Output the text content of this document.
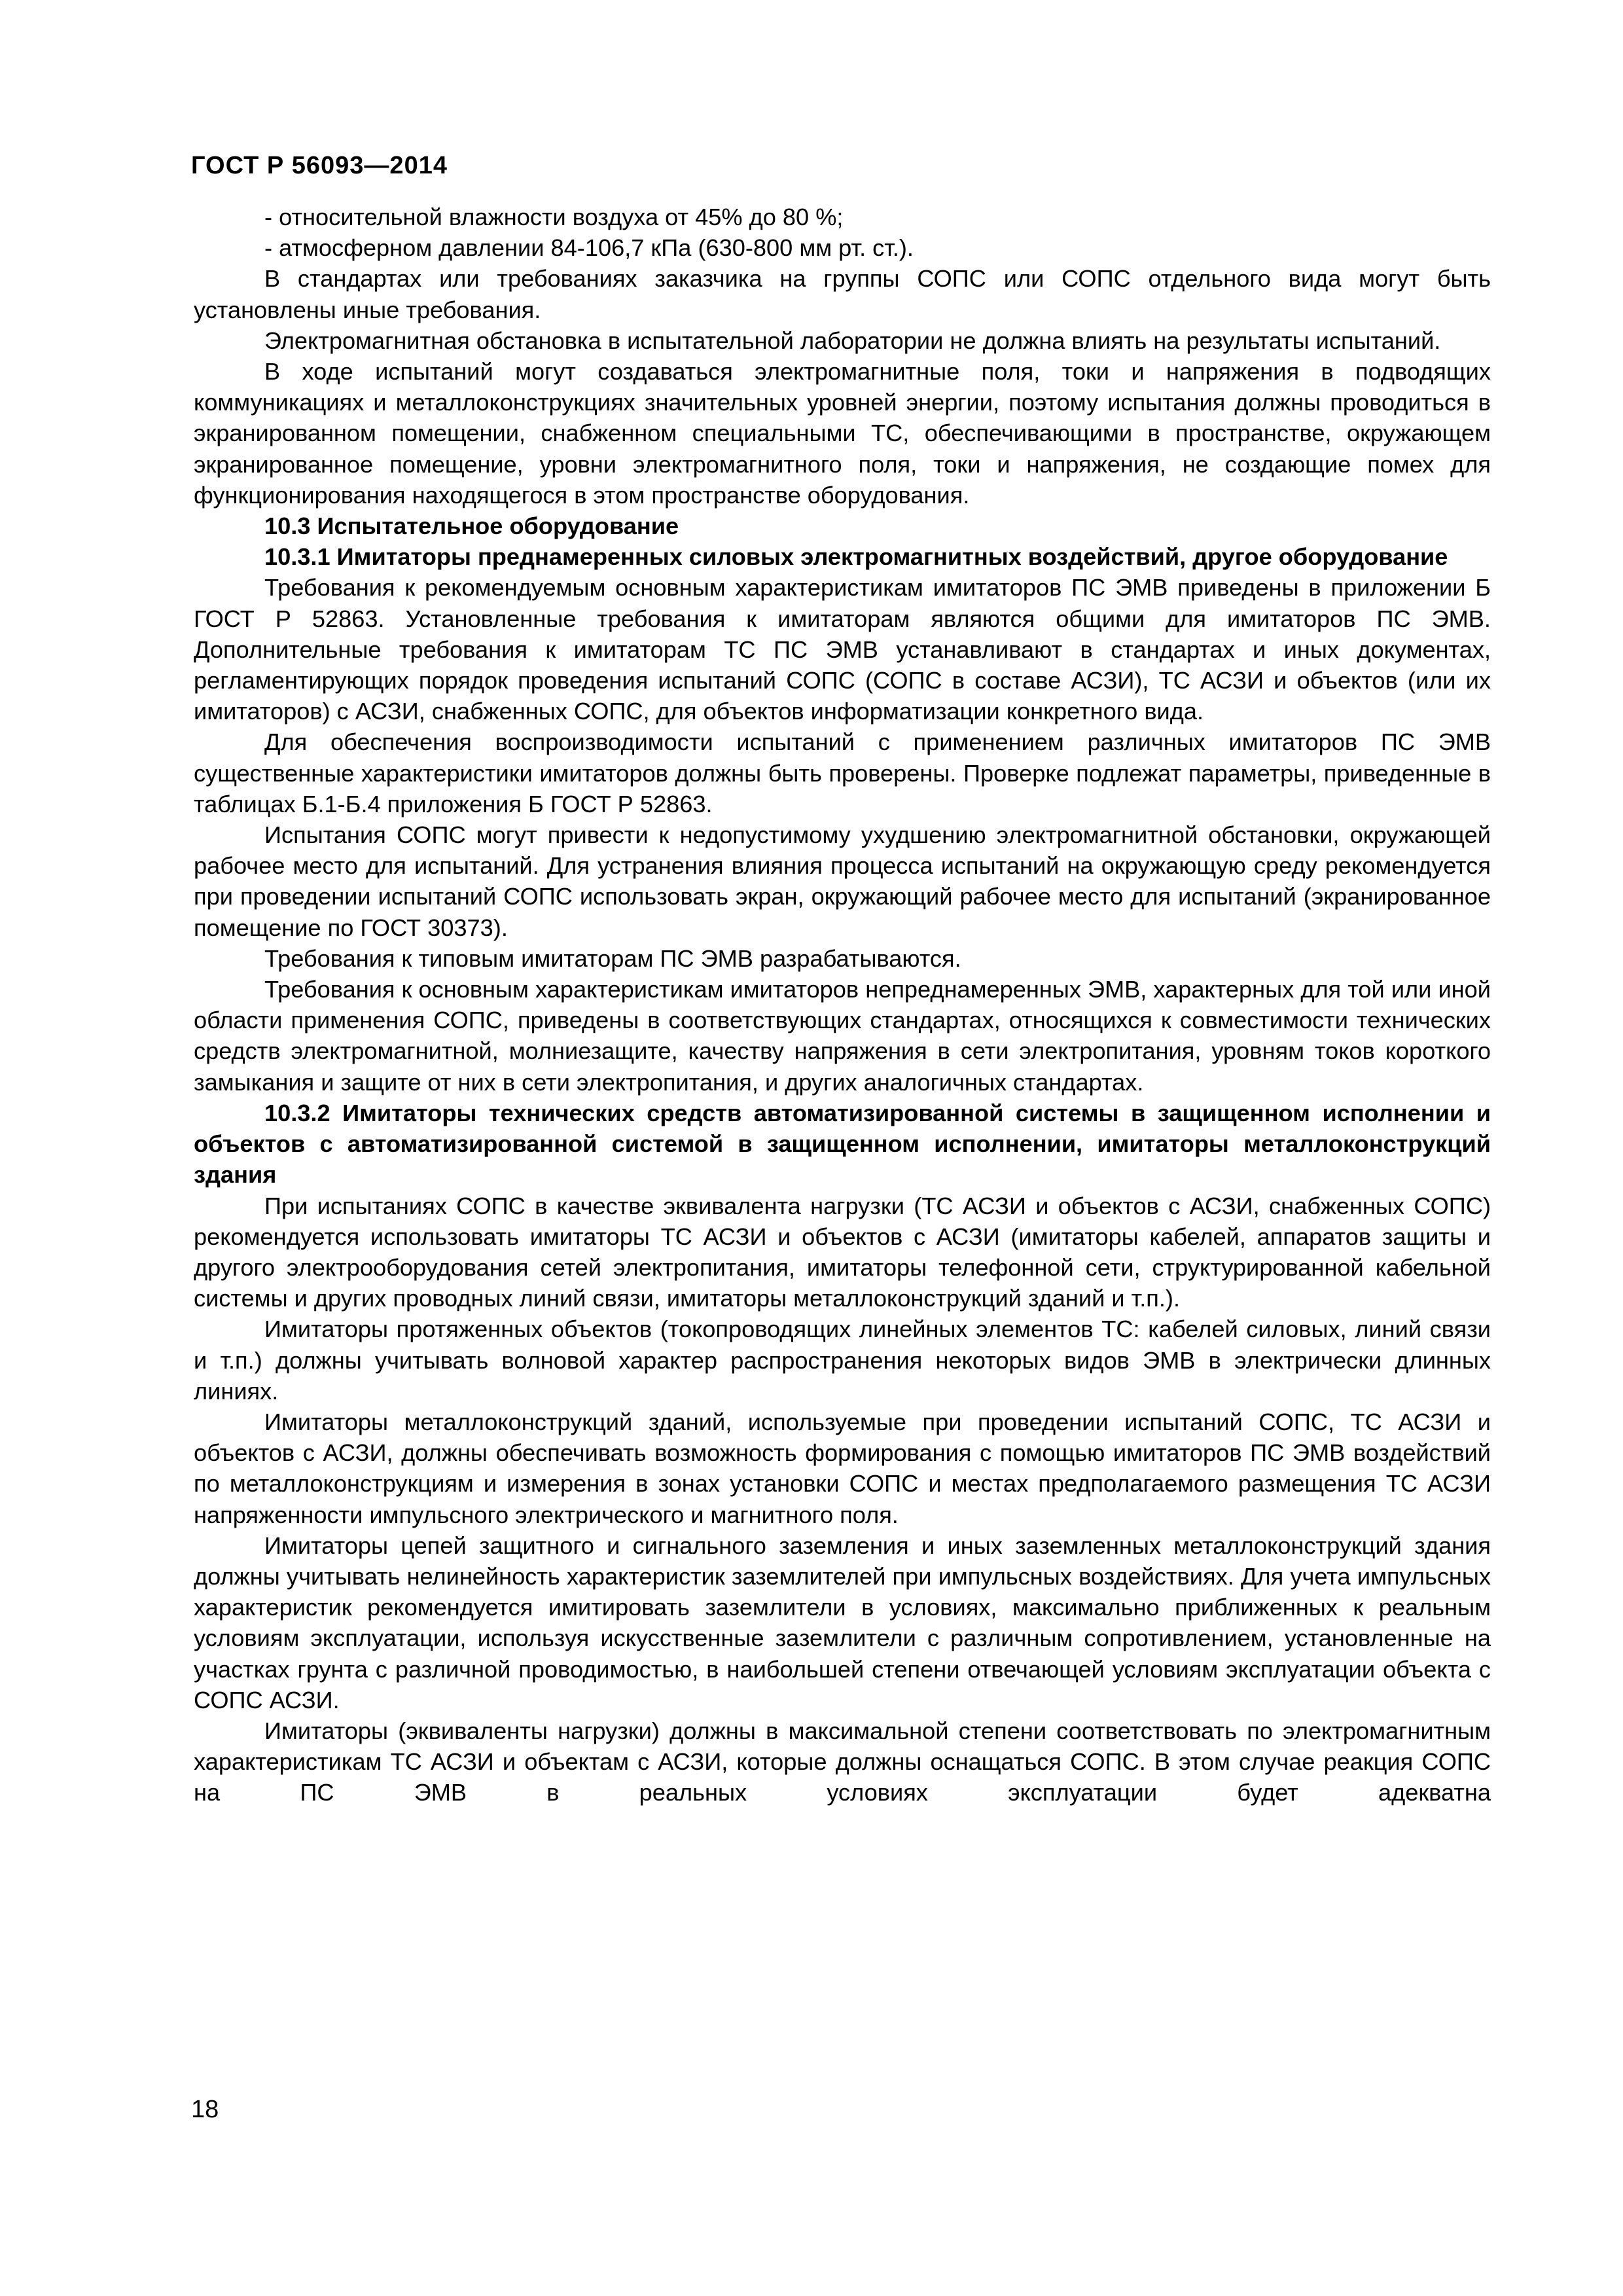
ГОСТ Р 56093—2014

- относительной влажности воздуха от 45% до 80 %;

- атмосферном давлении 84-106,7 кПа (630-800 мм рт. ст.).

В стандартах или требованиях заказчика на группы СОПС или СОПС отдельного вида могут быть установлены иные требования.

Электромагнитная обстановка в испытательной лаборатории не должна влиять на результаты испытаний.

В ходе испытаний могут создаваться электромагнитные поля, токи и напряжения в подводящих коммуникациях и металлоконструкциях значительных уровней энергии, поэтому испытания должны проводиться в экранированном помещении, снабженном специальными ТС, обеспечивающими в пространстве, окружающем экранированное помещение, уровни электромагнитного поля, токи и напряжения, не создающие помех для функционирования находящегося в этом пространстве оборудования.

10.3 Испытательное оборудование

10.3.1 Имитаторы преднамеренных силовых электромагнитных воздействий, другое оборудование

Требования к рекомендуемым основным характеристикам имитаторов ПС ЭМВ приведены в приложении Б ГОСТ Р 52863. Установленные требования к имитаторам являются общими для имитаторов ПС ЭМВ. Дополнительные требования к имитаторам ТС ПС ЭМВ устанавливают в стандартах и иных документах, регламентирующих порядок проведения испытаний СОПС (СОПС в составе АСЗИ), ТС АСЗИ и объектов (или их имитаторов) с АСЗИ, снабженных СОПС, для объектов информатизации конкретного вида.

Для обеспечения воспроизводимости испытаний с применением различных имитаторов ПС ЭМВ существенные характеристики имитаторов должны быть проверены. Проверке подлежат параметры, приведенные в таблицах Б.1-Б.4 приложения Б ГОСТ Р 52863.

Испытания СОПС могут привести к недопустимому ухудшению электромагнитной обстановки, окружающей рабочее место для испытаний. Для устранения влияния процесса испытаний на окружающую среду рекомендуется при проведении испытаний СОПС использовать экран, окружающий рабочее место для испытаний (экранированное помещение по ГОСТ 30373).

Требования к типовым имитаторам ПС ЭМВ разрабатываются.

Требования к основным характеристикам имитаторов непреднамеренных ЭМВ, характерных для той или иной области применения СОПС, приведены в соответствующих стандартах, относящихся к совместимости технических средств электромагнитной, молниезащите, качеству напряжения в сети электропитания, уровням токов короткого замыкания и защите от них в сети электропитания, и других аналогичных стандартах.

10.3.2 Имитаторы технических средств автоматизированной системы в защищенном исполнении и объектов с автоматизированной системой в защищенном исполнении, имитаторы металлоконструкций здания

При испытаниях СОПС в качестве эквивалента нагрузки (ТС АСЗИ и объектов с АСЗИ, снабженных СОПС) рекомендуется использовать имитаторы ТС АСЗИ и объектов с АСЗИ (имитаторы кабелей, аппаратов защиты и другого электрооборудования сетей электропитания, имитаторы телефонной сети, структурированной кабельной системы и других проводных линий связи, имитаторы металлоконструкций зданий и т.п.).

Имитаторы протяженных объектов (токопроводящих линейных элементов ТС: кабелей силовых, линий связи и т.п.) должны учитывать волновой характер распространения некоторых видов ЭМВ в электрически длинных линиях.

Имитаторы металлоконструкций зданий, используемые при проведении испытаний СОПС, ТС АСЗИ и объектов с АСЗИ, должны обеспечивать возможность формирования с помощью имитаторов ПС ЭМВ воздействий по металлоконструкциям и измерения в зонах установки СОПС и местах предполагаемого размещения ТС АСЗИ напряженности импульсного электрического и магнитного поля.

Имитаторы цепей защитного и сигнального заземления и иных заземленных металлоконструкций здания должны учитывать нелинейность характеристик заземлителей при импульсных воздействиях. Для учета импульсных характеристик рекомендуется имитировать заземлители в условиях, максимально приближенных к реальным условиям эксплуатации, используя искусственные заземлители с различным сопротивлением, установленные на участках грунта с различной проводимостью, в наибольшей степени отвечающей условиям эксплуатации объекта с СОПС АСЗИ.

Имитаторы (эквиваленты нагрузки) должны в максимальной степени соответствовать по электромагнитным характеристикам ТС АСЗИ и объектам с АСЗИ, которые должны оснащаться СОПС. В этом случае реакция СОПС на ПС ЭМВ в реальных условиях эксплуатации будет адекватна

18
